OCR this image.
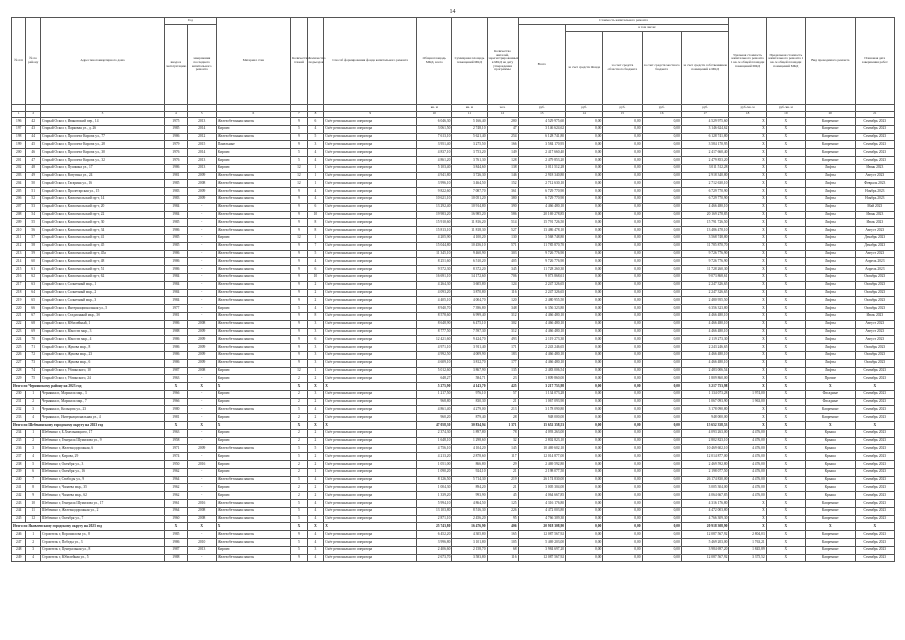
14
№ п/п	№ по району	Адрес многоквартирного дома	Год		Материал стен	Количество этажей	Количество подъездов	Способ формирования фонда капитального ремонта	Общая площадь МКД, всего	Суммарная площадь помещений МКД	Количество жителей, зарегистрированных в МКД на дату утверждения программы	Стоимость капитального ремонта					Удельная стоимость капитального ремонта 1 кв. м общей площади помещений МКД	Предельная стоимость капитального ремонта 1 кв. м общей площади помещений МКД	Вид проводимого ремонта	Плановая дата завершения работ
			ввода в эксплуатацию	завершения последнего капитального ремонта								Всего	в том числе:							
													за счет средств Фонда	за счет средств областного бюджета	за счет средств местного бюджета	за счет средств собственников помещений в МКД				
									кв. м	кв. м	чел.	руб.	руб.	руб.	руб.	руб.	руб./кв. м	руб./кв. м		
1	2	3	4	5	6	7	8	9	10	11	12	13	14	15	16	17	18	19	20	21
196	42	Старый Оскол г, Ивановский пер., 14	1975	2013	Железобетонная панель	9	6	Счёт регионального оператора	6 046,30	5 166,40	280	4 529 975,60	0,00	0,00	0,00	4 529 975,60	X	X	Капремонт	Сентябрь 2023
197	43	Старый Оскол г, Парковая ул., д. 26	1985	2014	Кирпич	5	4	Счёт регионального оператора	3 061,50	2 748,10	47	3 146 624,62	0,00	0,00	0,00	3 146 624,62	X	X	Капремонт	Сентябрь 2023
198	44	Старый Оскол г, Проспект Кирова ул., 77	1986	2012	Железобетонная панель	9	5	Счёт регионального оператора	7 613,10	5 621,40	254	6 128 741,80	0,00	0,00	0,00	6 128 741,80	X	X	Капремонт	Сентябрь 2023
199	45	Старый Оскол г, Проспект Кирова ул., 28	1979	2015	Панельные	9	3	Счёт регионального оператора	3 951,40	3 275,50	166	3 584 170,95	0,00	0,00	0,00	3 584 170,95	X	X	Капремонт	Сентябрь 2023
200	46	Старый Оскол г, Проспект Кирова ул., 30	1976	2014	Кирпич	5	4	Счёт регионального оператора	4 837,10	3 753,20	149	2 417 660,40	0,00	0,00	0,00	2 417 660,40	X	X	Капремонт	Сентябрь 2023
201	47	Старый Оскол г, Проспект Кирова ул., 32	1976	2013	Кирпич	5	4	Счёт регионального оператора	4 861,20	3 761,30	128	2 479 853,20	0,00	0,00	0,00	2 479 853,20	X	X	Капремонт	Сентябрь 2023
202	48	Старый Оскол г, Пушкина ул., 17	1986	2013	Кирпич	12	1	Счёт регионального оператора	5 103,40	3 844,60	138	3 011 512,28	0,00	0,00	0,00	3 011 512,28	X	X	Лифты	Июнь 2023
203	49	Старый Оскол г, Ватутина ул., 24	1981	2009	Железобетонная панель	12	1	Счёт регионального оператора	4 941,80	3 726,30	146	2 918 340,80	0,00	0,00	0,00	2 918 340,80	X	X	Лифты	Август 2023
204	50	Старый Оскол г, Гагарина ул., 16	1985	2008	Железобетонная панель	12	1	Счёт регионального оператора	3 996,10	3 464,50	152	2 712 630,10	0,00	0,00	0,00	2 712 630,10	X	X	Лифты	Февраль 2023
205	51	Старый Оскол г, Пролетарская ул., 15	1983	2009	Железобетонная панель	9	4	Счёт регионального оператора	9 822,60	7 087,70	361	6 729 770,90	0,00	0,00	0,00	6 729 770,90	X	X	Лифты	Ноябрь 2023
206	52	Старый Оскол г, Комсомольский пр-т, 14	1983	2009	Железобетонная панель	9	4	Счёт регионального оператора	10 621,10	10 051,20	380	6 729 770,90	0,00	0,00	0,00	6 729 770,90	X	X	Лифты	Ноябрь 2023
207	53	Старый Оскол г, Комсомольский пр-т, 20	1984	-	Железобетонная панель	9	6	Счёт регионального оператора	13 292,40	10 914,80	390	4 466 480,10	0,00	0,00	0,00	4 466 480,10	X	X	Лифты	Май 2023
208	54	Старый Оскол г, Комсомольский пр-т, 22	1984	-	Железобетонная панель	9	10	Счёт регионального оператора	19 983,20	16 985,20	586	20 169 278,85	0,00	0,00	0,00	20 169 278,85	X	X	Лифты	Июнь 2023
209	55	Старый Оскол г, Комсомольский пр-т, 30	1985	-	Железобетонная панель	9	8	Счёт регионального оператора	15 910,60	11 816,20	514	15 791 726,50	0,00	0,00	0,00	15 791 726,50	X	X	Лифты	Июль 2023
210	56	Старый Оскол г, Комсомольский пр-т, 34	1986	-	Железобетонная панель	9	8	Счёт регионального оператора	15 813,10	11 818,30	527	13 486 478,10	0,00	0,00	0,00	13 486 478,10	X	X	Лифты	Август 2023
211	57	Старый Оскол г, Комсомольский пр-т, 41	1985	-	Кирпич	12	1	Счёт регионального оператора	4 205,90	4 100,20	130	3 568 748,80	0,00	0,00	0,00	3 568 748,80	X	X	Лифты	Декабрь 2023
212	58	Старый Оскол г, Комсомольский пр-т, 45	1985	-	Железобетонная панель	9	7	Счёт регионального оператора	15 044,80	10 456,10	571	11 785 870,70	0,00	0,00	0,00	11 785 870,70	X	X	Лифты	Декабрь 2023
213	59	Старый Оскол г, Комсомольский пр-т, 45а	1986	-	Железобетонная панель	9	5	Счёт регионального оператора	11 345,10	9 460,90	303	9 726 776,90	0,00	0,00	0,00	9 726 776,90	X	X	Лифты	Август 2023
214	60	Старый Оскол г, Комсомольский пр-т, 48	1986	-	Железобетонная панель	9	4	Счёт регионального оператора	8 251,60	6 510,20	405	9 726 776,90	0,00	0,00	0,00	9 726 776,90	X	X	Лифты	Апрель 2023
215	61	Старый Оскол г, Комсомольский пр-т, 51	1986	-	Железобетонная панель	9	6	Счёт регионального оператора	9 572,30	8 372,20	345	11 728 260,30	0,00	0,00	0,00	11 728 260,30	X	X	Лифты	Апрель 2023
216	62	Старый Оскол г, Комсомольский пр-т, 62	1984	-	Железобетонная панель	9	10	Счёт регионального оператора	16 691,10	14 172,60	706	9 073 868,61	0,00	0,00	0,00	9 073 868,61	X	X	Лифты	Октябрь 2023
217	63	Старый Оскол г, Солнечный мкр., 1	1984	-	Железобетонная панель	9	2	Счёт регионального оператора	4 264,30	3 605,80	124	2 247 326,65	0,00	0,00	0,00	2 247 326,65	X	X	Лифты	Октябрь 2023
218	64	Старый Оскол г, Солнечный мкр., 2	1984	-	Железобетонная панель	9	2	Счёт регионального оператора	4 093,20	3 870,80	116	2 247 326,65	0,00	0,00	0,00	2 247 326,65	X	X	Лифты	Октябрь 2023
219	65	Старый Оскол г, Солнечный мкр., 3	1984	-	Железобетонная панель	9	2	Счёт регионального оператора	4 405,10	4 004,70	120	2 480 955,50	0,00	0,00	0,00	2 480 955,50	X	X	Лифты	Октябрь 2023
220	66	Старый Оскол г, Интернациональная ул., 5	1977	-	Кирпич	5	4	Счёт регионального оператора	8 940,70	7 396,80	348	6 356 323,80	0,00	0,00	0,00	6 356 323,80	X	X	Лифты	Октябрь 2023
221	67	Старый Оскол г, Стадионный мкр., 3б	1981	-	Железобетонная панель	9	8	Счёт регионального оператора	8 578,60	6 999,40	312	4 466 480,10	0,00	0,00	0,00	4 466 480,10	X	X	Лифты	Июль 2023
222	68	Старый Оскол г, Юбилейный, 1	1986	2008	Железобетонная панель	9	3	Счёт регионального оператора	8 648,90	6 475,10	302	4 466 480,10	0,00	0,00	0,00	4 466 480,10	X	X	Лифты	Август 2023
223	69	Старый Оскол г, Юности мкр., 3	1988	2009	Железобетонная панель	9	3	Счёт регионального оператора	8 777,50	7 597,30	312	4 466 480,10	0,00	0,00	0,00	4 466 480,10	X	X	Лифты	Август 2023
224	70	Старый Оскол г, Юности мкр., 4	1986	2009	Железобетонная панель	9	6	Счёт регионального оператора	12 421,60	9 424,70	493	2 119 273,30	0,00	0,00	0,00	2 119 273,30	X	X	Лифты	Август 2023
225	71	Старый Оскол г, Жукова мкр., 8	1986	2009	Железобетонная панель	9	3	Счёт регионального оператора	4 971,10	3 911,40	171	2 243 246,65	0,00	0,00	0,00	2 243 246,65	X	X	Лифты	Октябрь 2023
226	72	Старый Оскол г, Жукова мкр., 23	1986	2009	Железобетонная панель	9	3	Счёт регионального оператора	4 992,50	4 009,90	183	4 466 480,10	0,00	0,00	0,00	4 466 480,10	X	X	Лифты	Октябрь 2023
227	73	Старый Оскол г, Жукова мкр., 6	1986	2009	Железобетонная панель	9	3	Счёт регионального оператора	4 609,10	3 812,70	177	4 466 480,10	0,00	0,00	0,00	4 466 480,10	X	X	Лифты	Октябрь 2023
228	74	Старый Оскол г, Ублинского, 10	1987	2008	Кирпич	12	1	Счёт регионального оператора	5 012,60	3 867,90	135	2 483 006,54	0,00	0,00	0,00	2 483 006,54	X	X	Лифты	Сентябрь 2023
229	75	Старый Оскол г, Ублинского, 24	1963	-	Кирпич	2	2	Счёт регионального оператора	648,27	584,71	23	1 809 860,00	0,00	0,00	0,00	1 809 860,00	X	X	Прочие	Сентябрь 2023
Итого по Чернянскому району на 2023 год			X	X	X	X	X	X	5 275,90	4 143,70	425	3 217 753,98	0,00	0,00	0,00	3 217 753,98	X	X	X	X
230	1	Чернянка п, Маршала мкр., 3	1966	-	Кирпич	2	3	Счёт регионального оператора	1 217,50	976,10	57	1 134 073,28	0,00	0,00	0,00	1 134 073,28	1 974,00	X	Фасадные	Сентябрь 2023
231	2	Чернянка п, Маршала мкр., 7	1966	-	Кирпич	2	2	Счёт регионального оператора	968,80	830,30	21	1 067 093,90	0,00	0,00	0,00	1 067 093,90	1 963,00	X	Фасадные	Сентябрь 2023
232	3	Чернянка п, Кольцова ул., 23	1980	-	Железобетонная панель	5	4	Счёт регионального оператора	4 861,40	4 279,00	213	3 178 090,80	0,00	0,00	0,00	3 178 090,80	X	X	Капремонт	Сентябрь 2023
233	4	Чернянка п, Интернациональная ул., 4	1981	-	Кирпич	2	2	Счёт регионального оператора	960,20	879,40	28	948 000,00	0,00	0,00	0,00	948 000,00	X	X	Капремонт	Сентябрь 2023
Итого по Шебекинскому городскому округу на 2023 год			X	X	X	X	X	X	47 058,30	30 834,94	1 371	15 652 358,53	0,00	0,00	0,00	15 652 358,53	X	X	X	X
234	1	Шебекино г, Б.Хмельницкого, 17	1963	-	Кирпич	2	2	Счёт регионального оператора	2 374,30	1 897,80	78	4 093 263,00	0,00	0,00	0,00	4 093 263,00	4 476,00	X	Крыша	Сентябрь 2023
235	2	Шебекино г, Генерала Шумилова ул., 9	1958	-	Кирпич	2	2	Счёт регионального оператора	1 648,10	1 298,60	32	2 802 823,10	0,00	0,00	0,00	2 802 823,10	4 476,00	X	Крыша	Сентябрь 2023
236	3	Шебекино г, Железнодорожная, 6	1971	2009	Железобетонная панель	5	5	Счёт регионального оператора	4 756,10	4 104,20	145	10 469 602,10	0,00	0,00	0,00	10 469 602,10	4 476,00	X	Крыша	Сентябрь 2023
237	4	Шебекино г, Кирова, 29	1974	-	Кирпич	5	2	Счёт регионального оператора	4 213,20	2 878,60	117	12 014 877,00	0,00	0,00	0,00	12 014 877,00	4 476,00	X	Крыша	Сентябрь 2023
238	5	Шебекино г, Октября ул., 3	1950	2016	Кирпич	2	2	Счёт регионального оператора	1 051,00	866,80	29	2 469 592,80	0,00	0,00	0,00	2 469 592,80	4 476,00	X	Крыша	Сентябрь 2023
239	6	Шебекино г, Октября ул., 16	1962	-	Кирпич	2	1	Счёт регионального оператора	1 090,20	924,10	21	2 198 077,50	0,00	0,00	0,00	2 198 077,50	4 476,00	X	Крыша	Сентябрь 2023
240	7	Шебекино г, Свободы ул., 9	1964	-	Железобетонная панель	5	4	Счёт регионального оператора	8 126,50	5 714,30	219	26 174 830,00	0,00	0,00	0,00	26 174 830,00	4 476,00	X	Крыша	Сентябрь 2023
241	8	Шебекино г, Чапаева мкр., 35	1962	-	Кирпич	2	2	Счёт регионального оператора	1 004,30	894,20	21	3 005 304,00	0,00	0,00	0,00	3 005 304,00	4 476,00	X	Крыша	Сентябрь 2023
242	9	Шебекино г, Чапаева мкр., 62	1962	-	Кирпич	2	2	Счёт регионального оператора	1 339,20	993,90	45	4 064 667,85	0,00	0,00	0,00	4 064 667,85	4 476,00	X	Крыша	Сентябрь 2023
243	10	Шебекино г, Генерала Шумилова ул., 17	1961	2016	Железобетонная панель	5	4	Счёт регионального оператора	5 994,10	4 864,50	125	4 316 176,80	0,00	0,00	0,00	4 316 176,80	X	X	Капремонт	Сентябрь 2023
244	11	Шебекино г, Железнодорожная ул., 2	1964	2008	Железобетонная панель	5	4	Счёт регионального оператора	13 103,80	8 516,30	226	4 472 003,80	0,00	0,00	0,00	4 472 003,80	X	X	Капремонт	Сентябрь 2023
245	12	Шебекино г, Октября ул., 7	1960	2008	Железобетонная панель	5	4	Счёт регионального оператора	2 871,10	2 456,20	95	4 766 309,30	0,00	0,00	0,00	4 766 309,30	X	X	Капремонт	Сентябрь 2023
Итого по Яковлевскому городскому округу на 2023 год			X	X	X	X	X	X	25 743,80	16 476,90	406	20 918 308,90	0,00	0,00	0,00	20 918 308,90	X	X	X	X
246	1	Строитель г, Ворошилова ул., 8	1985	-	Железобетонная панель	9	4	Счёт регионального оператора	6 452,20	4 305,80	165	12 087 567,92	0,00	0,00	0,00	12 087 567,92	2 804,03	X	Капремонт	Сентябрь 2023
247	2	Строитель г, Победы ул., 3	1986	2010	Железобетонная панель	5	4	Счёт регионального оператора	3 996,80	3 101,80	105	5 469 203,00	0,00	0,00	0,00	5 469 203,00	1 763,21	X	Капремонт	Сентябрь 2023
248	3	Строитель г, Центральная ул., 8	1987	2013	Кирпич	5	3	Счёт регионального оператора	2 406,60	2 158,70	68	3 984 697,20	0,00	0,00	0,00	3 984 697,20	1 845,89	X	Капремонт	Сентябрь 2023
249	4	Строитель г, Юбилейная ул., 5	1988	-	Железобетонная панель	9	4	Счёт регионального оператора	2 673,70	3 583,80	116	12 087 567,92	0,00	0,00	0,00	12 087 567,92	3 375,52	X	Капремонт	Сентябрь 2023
